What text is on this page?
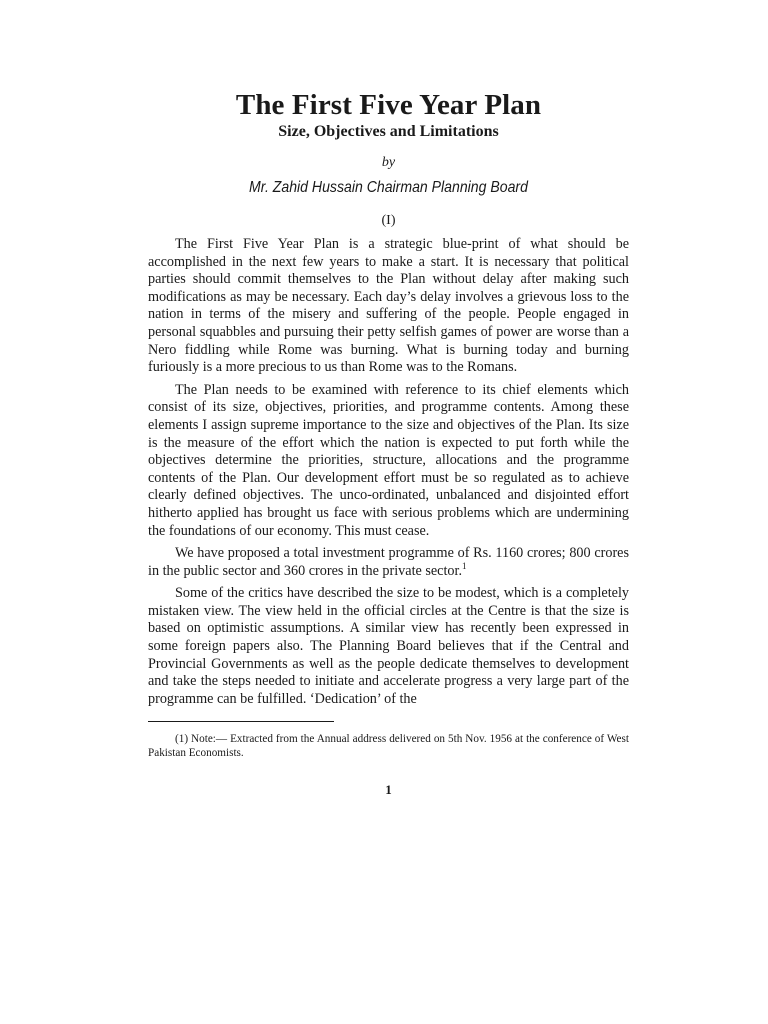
The First Five Year Plan
Size, Objectives and Limitations
by
Mr. Zahid Hussain Chairman Planning Board
(I)

The First Five Year Plan is a strategic blue-print of what should be accomplished in the next few years to make a start. It is necessary that political parties should commit themselves to the Plan without delay after making such modifications as may be necessary. Each day’s delay involves a grievous loss to the nation in terms of the misery and suffering of the people. People engaged in personal squabbles and pursuing their petty selfish games of power are worse than a Nero fiddling while Rome was burning. What is burning today and burning furiously is a more precious to us than Rome was to the Romans.

The Plan needs to be examined with reference to its chief elements which consist of its size, objectives, priorities, and programme contents. Among these elements I assign supreme importance to the size and objectives of the Plan. Its size is the measure of the effort which the nation is expected to put forth while the objectives determine the priorities, structure, allocations and the programme contents of the Plan. Our development effort must be so regulated as to achieve clearly defined objectives. The unco-ordinated, unbalanced and disjointed effort hitherto applied has brought us face with serious problems which are undermining the foundations of our economy. This must cease.

We have proposed a total investment programme of Rs. 1160 crores; 800 crores in the public sector and 360 crores in the private sector.$^1$

Some of the critics have described the size to be modest, which is a completely mistaken view. The view held in the official circles at the Centre is that the size is based on optimistic assumptions. A similar view has recently been expressed in some foreign papers also. The Planning Board believes that if the Central and Provincial Governments as well as the people dedicate themselves to development and take the steps needed to initiate and accelerate progress a very large part of the programme can be fulfilled. ‘Dedication’ of the

(1) Note:— Extracted from the Annual address delivered on 5th Nov. 1956 at the conference of West Pakistan Economists.

1
